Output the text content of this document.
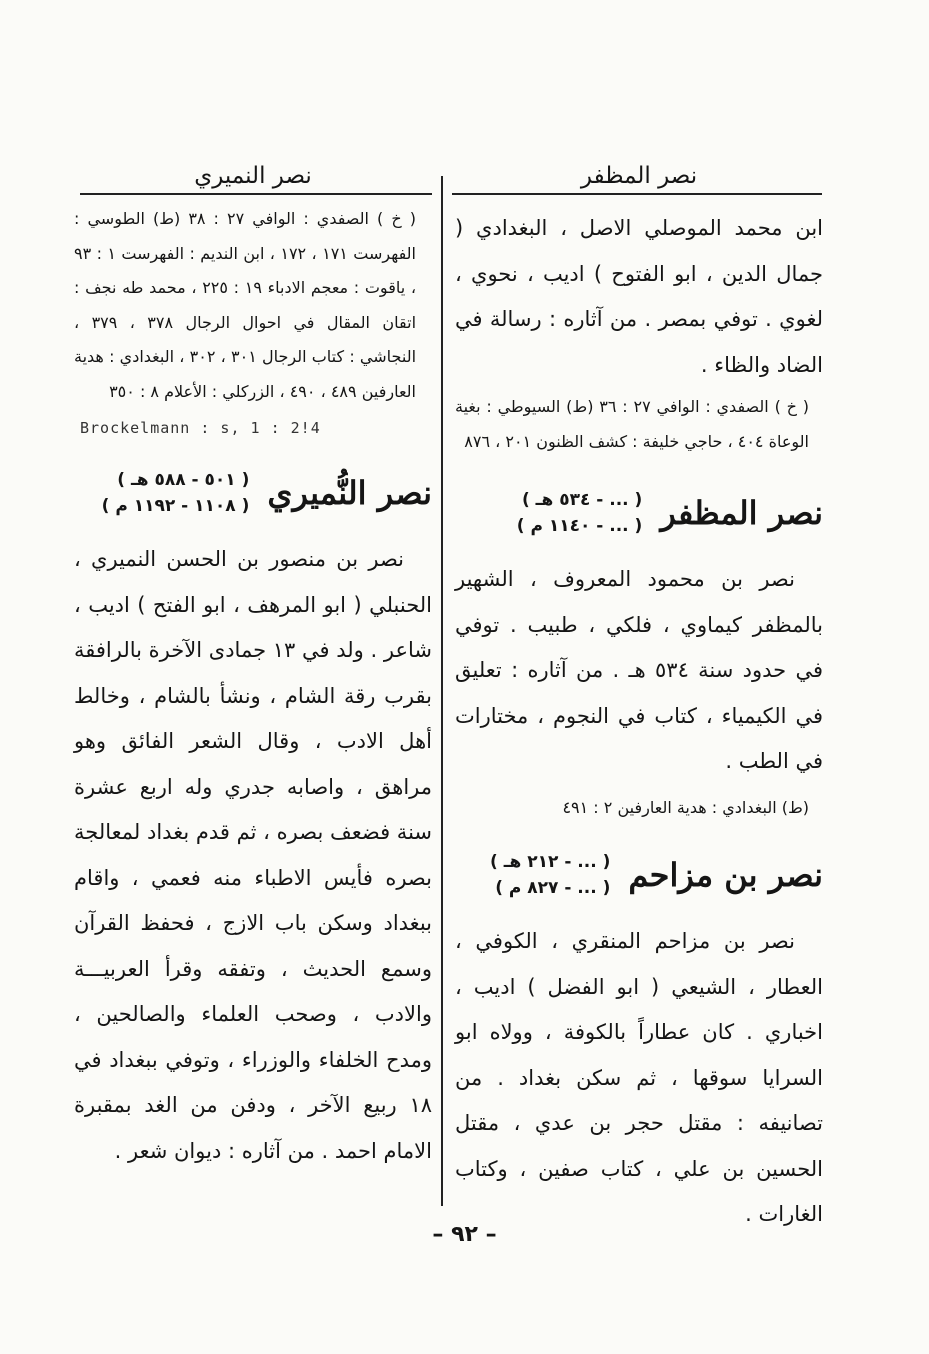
نصر المظفر

ابن محمد الموصلي الاصل ، البغدادي ( جمال الدين ، ابو الفتوح ) اديب ، نحوي ، لغوي . توفي بمصر . من آثاره : رسالة في الضاد والظاء .

( خ ) الصفدي : الوافي ٢٧ : ٣٦ (ط) السيوطي : بغية الوعاة ٤٠٤ ، حاجي خليفة : كشف الظنون ٢٠١ ، ٨٧٦

نصر المظفر
( ... - ٥٣٤ هـ )
( ... - ١١٤٠ م )

نصر بن محمود المعروف ، الشهير بالمظفر كيماوي ، فلكي ، طبيب . توفي في حدود سنة ٥٣٤ هـ . من آثاره : تعليق في الكيمياء ، كتاب في النجوم ، مختارات في الطب .

(ط) البغدادي : هدية العارفين ٢ : ٤٩١

نصر بن مزاحم
( ... - ٢١٢ هـ )
( ... - ٨٢٧ م )

نصر بن مزاحم المنقري ، الكوفي ، العطار ، الشيعي ( ابو الفضل ) اديب ، اخباري . كان عطاراً بالكوفة ، وولاه ابو السرايا سوقها ، ثم سكن بغداد . من تصانيفه : مقتل حجر بن عدي ، مقتل الحسين بن علي ، كتاب صفين ، وكتاب الغارات .

نصر النميري

( خ ) الصفدي : الوافي ٢٧ : ٣٨ (ط) الطوسي : الفهرست ١٧١ ، ١٧٢ ، ابن النديم : الفهرست ١ : ٩٣ ، ياقوت : معجم الادباء ١٩ : ٢٢٥ ، محمد طه نجف : اتقان المقال في احوال الرجال ٣٧٨ ، ٣٧٩ ، النجاشي : كتاب الرجال ٣٠١ ، ٣٠٢ ، البغدادي : هدية العارفين ٤٨٩ ، ٤٩٠ ، الزركلي : الأعلام ٨ : ٣٥٠

Brockelmann : s, 1 : 2!4
نصر النُّميري
( ٥٠١ - ٥٨٨ هـ )
( ١١٠٨ - ١١٩٢ م )

نصر بن منصور بن الحسن النميري ، الحنبلي ( ابو المرهف ، ابو الفتح ) اديب ، شاعر . ولد في ١٣ جمادى الآخرة بالرافقة بقرب رقة الشام ، ونشأ بالشام ، وخالط أهل الادب ، وقال الشعر الفائق وهو مراهق ، واصابه جدري وله اربع عشرة سنة فضعف بصره ، ثم قدم بغداد لمعالجة بصره فأيس الاطباء منه فعمي ، واقام ببغداد وسكن باب الازج ، فحفظ القرآن وسمع الحديث ، وتفقه وقرأ العربيـــة والادب ، وصحب العلماء والصالحين ، ومدح الخلفاء والوزراء ، وتوفي ببغداد في ١٨ ربيع الآخر ، ودفن من الغد بمقبرة الامام احمد . من آثاره : ديوان شعر .

– ٩٢ –
